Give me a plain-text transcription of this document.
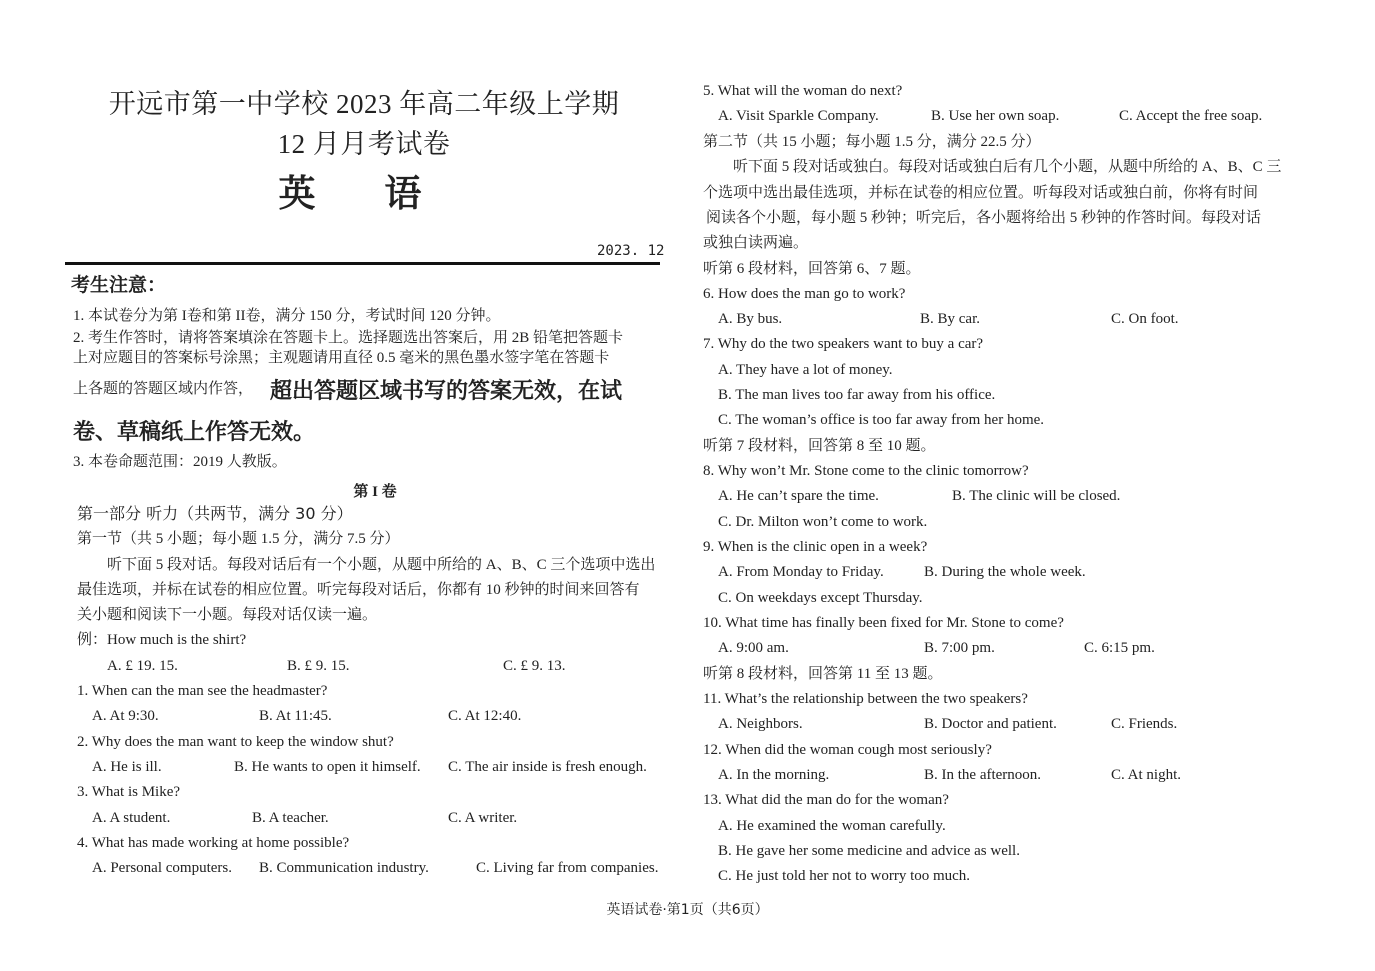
开远市第一中学校 2023 年高二年级上学期
12 月月考试卷
英 语
2023. 12
考生注意：
1. 本试卷分为第 I卷和第 II卷，满分 150 分，考试时间 120 分钟。
2. 考生作答时，请将答案填涂在答题卡上。选择题选出答案后，用 2B 铅笔把答题卡
上对应题目的答案标号涂黑；主观题请用直径 0.5 毫米的黑色墨水签字笔在答题卡
上各题的答题区域内作答， 超出答题区域书写的答案无效，在试
卷、草稿纸上作答无效。
3. 本卷命题范围：2019 人教版。
第 I 卷
第一部分 听力（共两节，满分 30 分）
第一节（共 5 小题；每小题 1.5 分，满分 7.5 分）
听下面 5 段对话。每段对话后有一个小题，从题中所给的 A、B、C 三个选项中选出
最佳选项，并标在试卷的相应位置。听完每段对话后，你都有 10 秒钟的时间来回答有
关小题和阅读下一小题。每段对话仅读一遍。
例：How much is the shirt?
A. £ 19. 15.	B. £ 9. 15.	C. £ 9. 13.
1. When can the man see the headmaster?
A. At 9:30.	B. At 11:45.	C. At 12:40.
2. Why does the man want to keep the window shut?
A. He is ill.	B. He wants to open it himself. C. The air inside is fresh enough.
3. What is Mike?
A. A student.	B. A teacher.	C. A writer.
4. What has made working at home possible?
A. Personal computers. B. Communication industry.	C. Living far from companies.
5. What will the woman do next?
A. Visit Sparkle Company.	B. Use her own soap.	C. Accept the free soap.
第二节（共 15 小题；每小题 1.5 分，满分 22.5 分）
听下面 5 段对话或独白。每段对话或独白后有几个小题，从题中所给的 A、B、C 三
个选项中选出最佳选项，并标在试卷的相应位置。听每段对话或独白前，你将有时间
阅读各个小题，每小题 5 秒钟；听完后，各小题将给出 5 秒钟的作答时间。每段对话
或独白读两遍。
听第 6 段材料，回答第 6、7 题。
6. How does the man go to work?
A. By bus.	B. By car.	C. On foot.
7. Why do the two speakers want to buy a car?
A. They have a lot of money.
B. The man lives too far away from his office.
C. The woman’s office is too far away from her home.
听第 7 段材料，回答第 8 至 10 题。
8. Why won’t Mr. Stone come to the clinic tomorrow?
A. He can’t spare the time.	B. The clinic will be closed.
C. Dr. Milton won’t come to work.
9. When is the clinic open in a week?
A. From Monday to Friday.	B. During the whole week.
C. On weekdays except Thursday.
10. What time has finally been fixed for Mr. Stone to come?
A. 9:00 am.	B. 7:00 pm.	C. 6:15 pm.
听第 8 段材料，回答第 11 至 13 题。
11. What’s the relationship between the two speakers?
A. Neighbors.	B. Doctor and patient.	C. Friends.
12. When did the woman cough most seriously?
A. In the morning.	B. In the afternoon.	C. At night.
13. What did the man do for the woman?
A. He examined the woman carefully.
B. He gave her some medicine and advice as well.
C. He just told her not to worry too much.
英语试卷·第1页（共6页）
